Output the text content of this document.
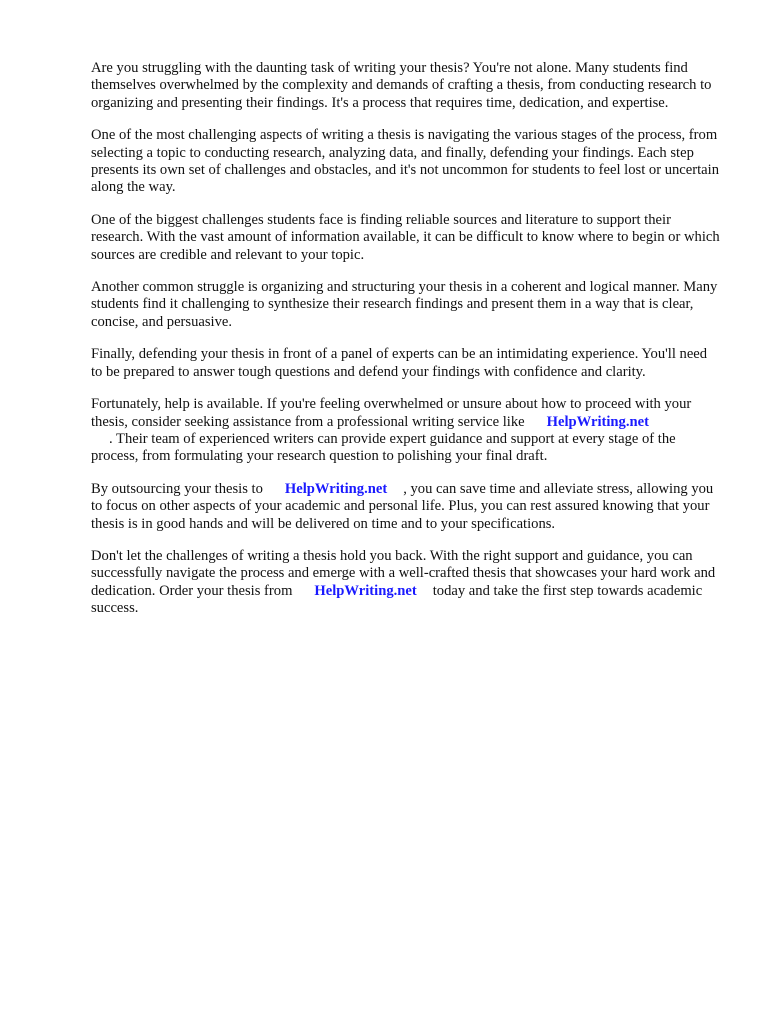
Are you struggling with the daunting task of writing your thesis? You're not alone. Many students find themselves overwhelmed by the complexity and demands of crafting a thesis, from conducting research to organizing and presenting their findings. It's a process that requires time, dedication, and expertise.

One of the most challenging aspects of writing a thesis is navigating the various stages of the process, from selecting a topic to conducting research, analyzing data, and finally, defending your findings. Each step presents its own set of challenges and obstacles, and it's not uncommon for students to feel lost or uncertain along the way.

One of the biggest challenges students face is finding reliable sources and literature to support their research. With the vast amount of information available, it can be difficult to know where to begin or which sources are credible and relevant to your topic.

Another common struggle is organizing and structuring your thesis in a coherent and logical manner. Many students find it challenging to synthesize their research findings and present them in a way that is clear, concise, and persuasive.

Finally, defending your thesis in front of a panel of experts can be an intimidating experience. You'll need to be prepared to answer tough questions and defend your findings with confidence and clarity.

Fortunately, help is available. If you're feeling overwhelmed or unsure about how to proceed with your thesis, consider seeking assistance from a professional writing service like HelpWriting.net
. Their team of experienced writers can provide expert guidance and support at every stage of the process, from formulating your research question to polishing your final draft.

By outsourcing your thesis to HelpWriting.net , you can save time and alleviate stress, allowing you to focus on other aspects of your academic and personal life. Plus, you can rest assured knowing that your thesis is in good hands and will be delivered on time and to your specifications.

Don't let the challenges of writing a thesis hold you back. With the right support and guidance, you can successfully navigate the process and emerge with a well-crafted thesis that showcases your hard work and dedication. Order your thesis from HelpWriting.net today and take the first step towards academic success.
